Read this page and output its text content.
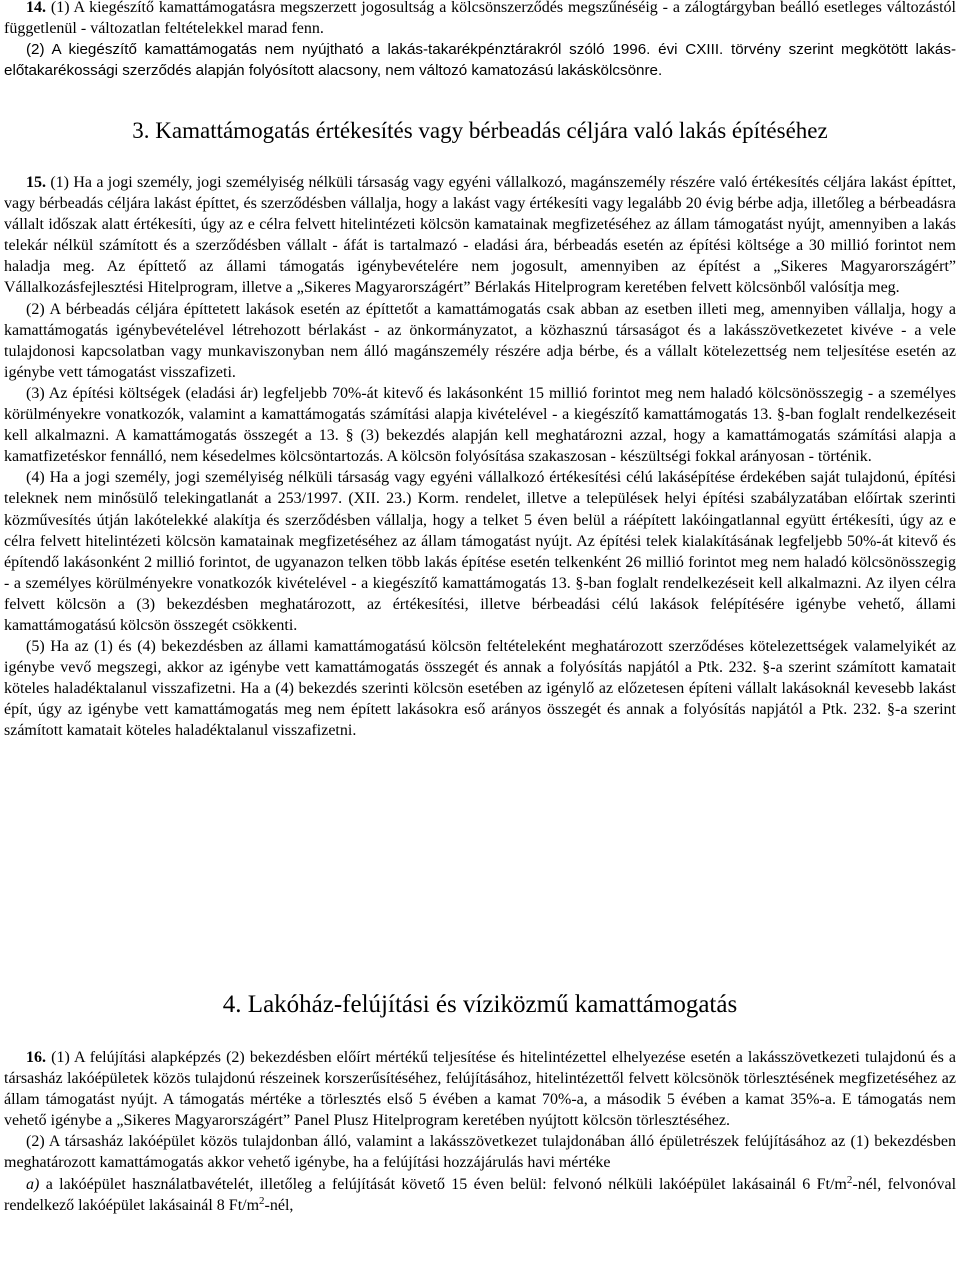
14. (1) A kiegészítő kamattámogatásra megszerzett jogosultság a kölcsönszerződés megszűnéséig - a zálogtárgyban beálló esetleges változástól függetlenül - változatlan feltételekkel marad fenn.

(2) A kiegészítő kamattámogatás nem nyújtható a lakás-takarékpénztárakról szóló 1996. évi CXIII. törvény szerint megkötött lakás-előtakarékossági szerződés alapján folyósított alacsony, nem változó kamatozású lakáskölcsönre.

3. Kamattámogatás értékesítés vagy bérbeadás céljára való lakás építéséhez

15. (1) Ha a jogi személy, jogi személyiség nélküli társaság vagy egyéni vállalkozó, magánszemély részére való értékesítés céljára lakást építtet, vagy bérbeadás céljára lakást építtet, és szerződésben vállalja, hogy a lakást vagy értékesíti vagy legalább 20 évig bérbe adja, illetőleg a bérbeadásra vállalt időszak alatt értékesíti, úgy az e célra felvett hitelintézeti kölcsön kamatainak megfizetéséhez az állam támogatást nyújt, amennyiben a lakás telekár nélkül számított és a szerződésben vállalt - áfát is tartalmazó - eladási ára, bérbeadás esetén az építési költsége a 30 millió forintot nem haladja meg. Az építtető az állami támogatás igénybevételére nem jogosult, amennyiben az építést a „Sikeres Magyarországért” Vállalkozásfejlesztési Hitelprogram, illetve a „Sikeres Magyarországért” Bérlakás Hitelprogram keretében felvett kölcsönből valósítja meg.

(2) A bérbeadás céljára építtetett lakások esetén az építtetőt a kamattámogatás csak abban az esetben illeti meg, amennyiben vállalja, hogy a kamattámogatás igénybevételével létrehozott bérlakást - az önkormányzatot, a közhasznú társaságot és a lakásszövetkezetet kivéve - a vele tulajdonosi kapcsolatban vagy munkaviszonyban nem álló magánszemély részére adja bérbe, és a vállalt kötelezettség nem teljesítése esetén az igénybe vett támogatást visszafizeti.

(3) Az építési költségek (eladási ár) legfeljebb 70%-át kitevő és lakásonként 15 millió forintot meg nem haladó kölcsönösszegig - a személyes körülményekre vonatkozók, valamint a kamattámogatás számítási alapja kivételével - a kiegészítő kamattámogatás 13. §-ban foglalt rendelkezéseit kell alkalmazni. A kamattámogatás összegét a 13. § (3) bekezdés alapján kell meghatározni azzal, hogy a kamattámogatás számítási alapja a kamatfizetéskor fennálló, nem késedelmes kölcsöntartozás. A kölcsön folyósítása szakaszosan - készültségi fokkal arányosan - történik.

(4) Ha a jogi személy, jogi személyiség nélküli társaság vagy egyéni vállalkozó értékesítési célú lakásépítése érdekében saját tulajdonú, építési teleknek nem minősülő telekingatlanát a 253/1997. (XII. 23.) Korm. rendelet, illetve a települések helyi építési szabályzatában előírtak szerinti közművesítés útján lakótelekké alakítja és szerződésben vállalja, hogy a telket 5 éven belül a ráépített lakóingatlannal együtt értékesíti, úgy az e célra felvett hitelintézeti kölcsön kamatainak megfizetéséhez az állam támogatást nyújt. Az építési telek kialakításának legfeljebb 50%-át kitevő és építendő lakásonként 2 millió forintot, de ugyanazon telken több lakás építése esetén telkenként 26 millió forintot meg nem haladó kölcsönösszegig - a személyes körülményekre vonatkozók kivételével - a kiegészítő kamattámogatás 13. §-ban foglalt rendelkezéseit kell alkalmazni. Az ilyen célra felvett kölcsön a (3) bekezdésben meghatározott, az értékesítési, illetve bérbeadási célú lakások felépítésére igénybe vehető, állami kamattámogatású kölcsön összegét csökkenti.

(5) Ha az (1) és (4) bekezdésben az állami kamattámogatású kölcsön feltételeként meghatározott szerződéses kötelezettségek valamelyikét az igénybe vevő megszegi, akkor az igénybe vett kamattámogatás összegét és annak a folyósítás napjától a Ptk. 232. §-a szerint számított kamatait köteles haladéktalanul visszafizetni. Ha a (4) bekezdés szerinti kölcsön esetében az igénylő az előzetesen építeni vállalt lakásoknál kevesebb lakást épít, úgy az igénybe vett kamattámogatás meg nem épített lakásokra eső arányos összegét és annak a folyósítás napjától a Ptk. 232. §-a szerint számított kamatait köteles haladéktalanul visszafizetni.

4. Lakóház-felújítási és víziközmű kamattámogatás

16. (1) A felújítási alapképzés (2) bekezdésben előírt mértékű teljesítése és hitelintézettel elhelyezése esetén a lakásszövetkezeti tulajdonú és a társasház lakóépületek közös tulajdonú részeinek korszerűsítéséhez, felújításához, hitelintézettől felvett kölcsönök törlesztésének megfizetéséhez az állam támogatást nyújt. A támogatás mértéke a törlesztés első 5 évében a kamat 70%-a, a második 5 évében a kamat 35%-a. E támogatás nem vehető igénybe a „Sikeres Magyarországért” Panel Plusz Hitelprogram keretében nyújtott kölcsön törlesztéséhez.

(2) A társasház lakóépület közös tulajdonban álló, valamint a lakásszövetkezet tulajdonában álló épületrészek felújításához az (1) bekezdésben meghatározott kamattámogatás akkor vehető igénybe, ha a felújítási hozzájárulás havi mértéke

a) a lakóépület használatbavételét, illetőleg a felújítását követő 15 éven belül: felvonó nélküli lakóépület lakásainál 6 $Ft/m^2$-nél, felvonóval rendelkező lakóépület lakásainál 8 $Ft/m^2$-nél,
